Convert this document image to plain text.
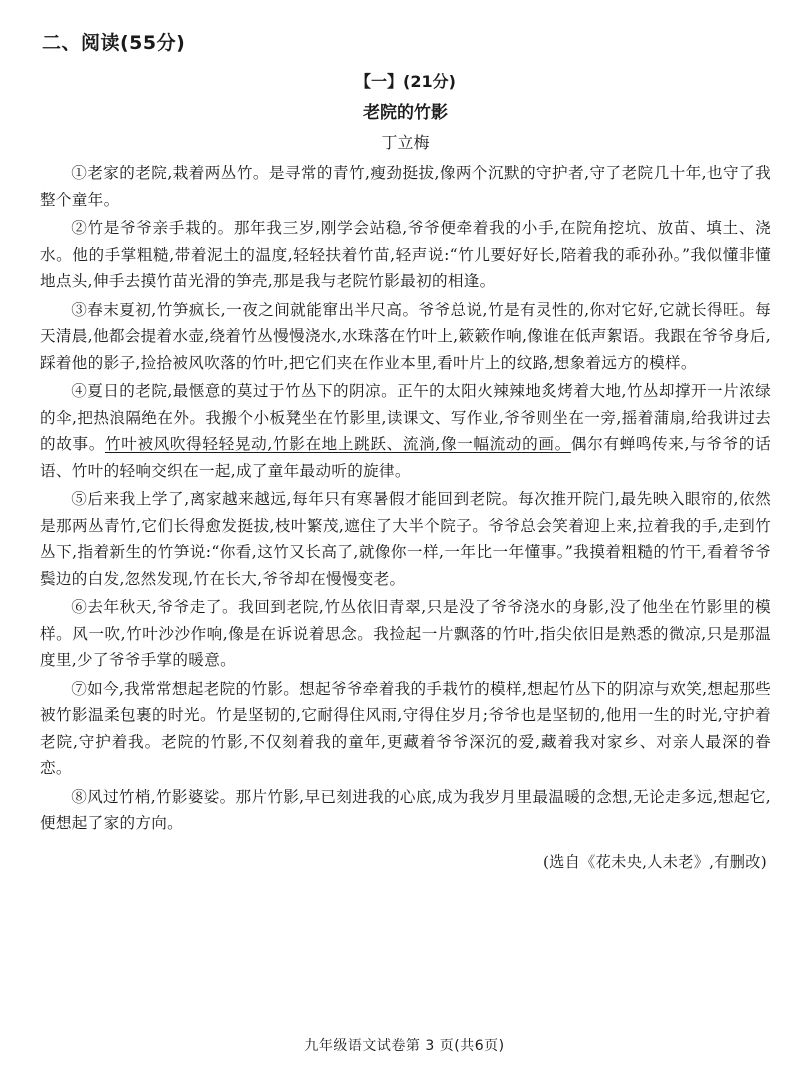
二、阅读(55分)
【一】(21分)
老院的竹影
丁立梅

①老家的老院,栽着两丛竹。是寻常的青竹,瘦劲挺拔,像两个沉默的守护者,守了老院几十年,也守了我整个童年。

②竹是爷爷亲手栽的。那年我三岁,刚学会站稳,爷爷便牵着我的小手,在院角挖坑、放苗、填土、浇水。他的手掌粗糙,带着泥土的温度,轻轻扶着竹苗,轻声说:“竹儿要好好长,陪着我的乖孙孙。”我似懂非懂地点头,伸手去摸竹苗光滑的笋壳,那是我与老院竹影最初的相逢。

③春末夏初,竹笋疯长,一夜之间就能窜出半尺高。爷爷总说,竹是有灵性的,你对它好,它就长得旺。每天清晨,他都会提着水壶,绕着竹丛慢慢浇水,水珠落在竹叶上,簌簌作响,像谁在低声絮语。我跟在爷爷身后,踩着他的影子,捡拾被风吹落的竹叶,把它们夹在作业本里,看叶片上的纹路,想象着远方的模样。

④夏日的老院,最惬意的莫过于竹丛下的阴凉。正午的太阳火辣辣地炙烤着大地,竹丛却撑开一片浓绿的伞,把热浪隔绝在外。我搬个小板凳坐在竹影里,读课文、写作业,爷爷则坐在一旁,摇着蒲扇,给我讲过去的故事。竹叶被风吹得轻轻晃动,竹影在地上跳跃、流淌,像一幅流动的画。偶尔有蝉鸣传来,与爷爷的话语、竹叶的轻响交织在一起,成了童年最动听的旋律。

⑤后来我上学了,离家越来越远,每年只有寒暑假才能回到老院。每次推开院门,最先映入眼帘的,依然是那两丛青竹,它们长得愈发挺拔,枝叶繁茂,遮住了大半个院子。爷爷总会笑着迎上来,拉着我的手,走到竹丛下,指着新生的竹笋说:“你看,这竹又长高了,就像你一样,一年比一年懂事。”我摸着粗糙的竹干,看着爷爷鬓边的白发,忽然发现,竹在长大,爷爷却在慢慢变老。

⑥去年秋天,爷爷走了。我回到老院,竹丛依旧青翠,只是没了爷爷浇水的身影,没了他坐在竹影里的模样。风一吹,竹叶沙沙作响,像是在诉说着思念。我捡起一片飘落的竹叶,指尖依旧是熟悉的微凉,只是那温度里,少了爷爷手掌的暖意。

⑦如今,我常常想起老院的竹影。想起爷爷牵着我的手栽竹的模样,想起竹丛下的阴凉与欢笑,想起那些被竹影温柔包裹的时光。竹是坚韧的,它耐得住风雨,守得住岁月;爷爷也是坚韧的,他用一生的时光,守护着老院,守护着我。老院的竹影,不仅刻着我的童年,更藏着爷爷深沉的爱,藏着我对家乡、对亲人最深的眷恋。

⑧风过竹梢,竹影婆娑。那片竹影,早已刻进我的心底,成为我岁月里最温暖的念想,无论走多远,想起它,便想起了家的方向。

(选自《花未央,人未老》,有删改)
九年级语文试卷第 3 页(共6页)
